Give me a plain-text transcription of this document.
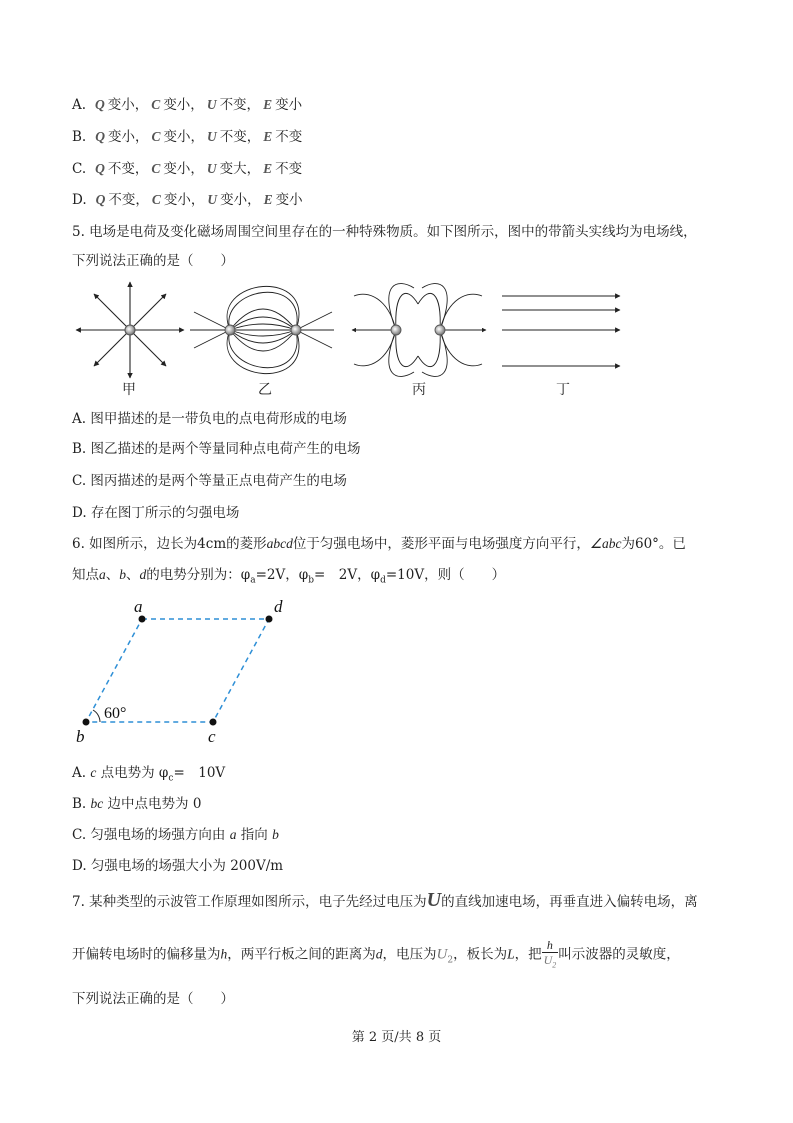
A. Q 变小， C 变小， U 不变， E 变小
B. Q 变小， C 变小， U 不变， E 不变
C. Q 不变， C 变小， U 变大， E 不变
D. Q 不变， C 变小， U 变小， E 变小
5. 电场是电荷及变化磁场周围空间里存在的一种特殊物质。如下图所示，图中的带箭头实线均为电场线，
下列说法正确的是（　　）
甲	乙	丙	丁
A. 图甲描述的是一带负电的点电荷形成的电场
B. 图乙描述的是两个等量同种点电荷产生的电场
C. 图丙描述的是两个等量正点电荷产生的电场
D. 存在图丁所示的匀强电场
6. 如图所示，边长为4cm的菱形abcd位于匀强电场中，菱形平面与电场强度方向平行，∠abc为60°。已
知点a、b、d的电势分别为：$\varphi_a=2V$，$\varphi_b=$　2V，$\varphi_d=10V$，则（　　）
a	d
b	c
60°
A. c 点电势为 $\varphi_c=$　10V
B. bc 边中点电势为 0
C. 匀强电场的场强方向由 a 指向 b
D. 匀强电场的场强大小为 200V/m
7. 某种类型的示波管工作原理如图所示，电子先经过电压为U的直线加速电场，再垂直进入偏转电场，离
开偏转电场时的偏移量为h，两平行板之间的距离为d，电压为$U_2$，板长为L，把 $\frac{h}{U_2}$ 叫示波器的灵敏度，
下列说法正确的是（　　）
第 2 页/共 8 页
